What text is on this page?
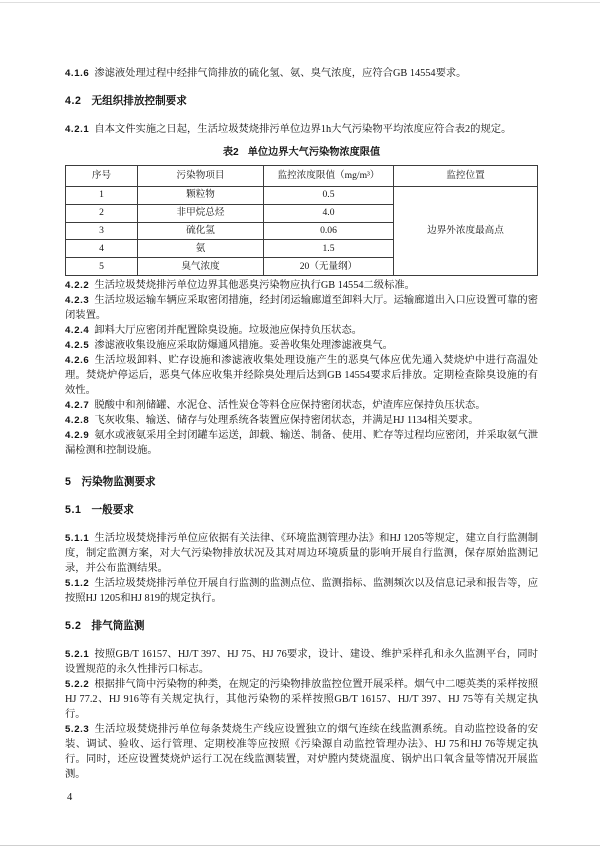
4.1.6 渗滤液处理过程中经排气筒排放的硫化氢、氨、臭气浓度，应符合GB 14554要求。

4.2 无组织排放控制要求

4.2.1 自本文件实施之日起，生活垃圾焚烧排污单位边界1h大气污染物平均浓度应符合表2的规定。

表2 单位边界大气污染物浓度限值

序号	污染物项目	监控浓度限值（mg/m³）	监控位置
1	颗粒物	0.5	边界外浓度最高点
2	非甲烷总烃	4.0	
3	硫化氢	0.06	
4	氨	1.5	
5	臭气浓度	20（无量纲）	

4.2.2 生活垃圾焚烧排污单位边界其他恶臭污染物应执行GB 14554二级标准。

4.2.3 生活垃圾运输车辆应采取密闭措施，经封闭运输廊道至卸料大厅。运输廊道出入口应设置可靠的密闭装置。

4.2.4 卸料大厅应密闭并配置除臭设施。垃圾池应保持负压状态。

4.2.5 渗滤液收集设施应采取防爆通风措施。妥善收集处理渗滤液臭气。

4.2.6 生活垃圾卸料、贮存设施和渗滤液收集处理设施产生的恶臭气体应优先通入焚烧炉中进行高温处理。焚烧炉停运后，恶臭气体应收集并经除臭处理后达到GB 14554要求后排放。定期检查除臭设施的有效性。

4.2.7 脱酸中和剂储罐、水泥仓、活性炭仓等料仓应保持密闭状态，炉渣库应保持负压状态。

4.2.8 飞灰收集、输送、储存与处理系统各装置应保持密闭状态，并满足HJ 1134相关要求。

4.2.9 氨水或液氨采用全封闭罐车运送，卸载、输送、制备、使用、贮存等过程均应密闭，并采取氨气泄漏检测和控制设施。

5 污染物监测要求
5.1 一般要求

5.1.1 生活垃圾焚烧排污单位应依据有关法律、《环境监测管理办法》和HJ 1205等规定，建立自行监测制度，制定监测方案，对大气污染物排放状况及其对周边环境质量的影响开展自行监测，保存原始监测记录，并公布监测结果。

5.1.2 生活垃圾焚烧排污单位开展自行监测的监测点位、监测指标、监测频次以及信息记录和报告等，应按照HJ 1205和HJ 819的规定执行。

5.2 排气筒监测

5.2.1 按照GB/T 16157、HJ/T 397、HJ 75、HJ 76要求，设计、建设、维护采样孔和永久监测平台，同时设置规范的永久性排污口标志。

5.2.2 根据排气筒中污染物的种类，在规定的污染物排放监控位置开展采样。烟气中二噁英类的采样按照HJ 77.2、HJ 916等有关规定执行，其他污染物的采样按照GB/T 16157、HJ/T 397、HJ 75等有关规定执行。

5.2.3 生活垃圾焚烧排污单位每条焚烧生产线应设置独立的烟气连续在线监测系统。自动监控设备的安装、调试、验收、运行管理、定期校准等应按照《污染源自动监控管理办法》、HJ 75和HJ 76等规定执行。同时，还应设置焚烧炉运行工况在线监测装置，对炉膛内焚烧温度、锅炉出口氧含量等情况开展监测。

4
